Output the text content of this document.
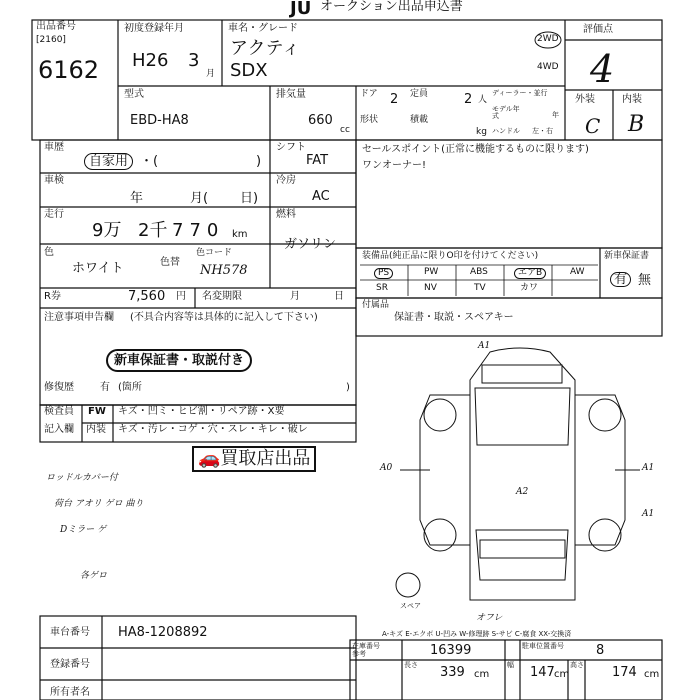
出品番号
[2160]
6162
JU オークション出品申込書
初度登録年月
H26 3
月
車名・グレード
アクティ
SDX
2WD
4WD
評価点
4
外装	内装
C B
型式
EBD-HA8
排気量
660
cc
ドア 2 定員	2 人
ディーラー・並行
モデル年式	年
形状	積載
kg ハンドル 左・右
車歴
自家用 ・(	)
シフト
FAT
車検
年	月( 日)
冷房
AC
走行
9万 2千 770 km
燃料
ガソリン
色
ホワイト	色替
色コード
NH578
R券	7,560 円 名変期限	月	日
注意事項申告欄 (不具合内容等は具体的に記入して下さい)
新車保証書・取説付き
修復歴	有 (箇所	)
検査員
記入欄
FW キズ・凹ミ・ヒビ割・リペア跡・X要
内装 キズ・汚レ・コゲ・穴・スレ・キレ・破レ
🚗買取店出品
ロッドルカバー付
荷台 アオリ ゲロ 曲り
Dミラー ゲ
各ゲロ
セールスポイント(正常に機能するものに限ります)
ワンオーナー!
装備品(純正品に限りO印を付けてください)
PS	PW	ABS	エアB	AW
SR	NV	TV	カワ
新車保証書
有 無
付属品
保証書・取説・スペアキー
A1
A0	A1
A1
A2
スペア
オフレ
A-キズ E-エクボ U-凹み W-修理跡 S-サビ C-腐食 XX-交換済
車台番号 HA8-1208892
登録番号
所有者名
在庫番号
参考	16399	駐車位置番号 8
長さ 339 cm
幅 147 cm
高さ 174 cm
